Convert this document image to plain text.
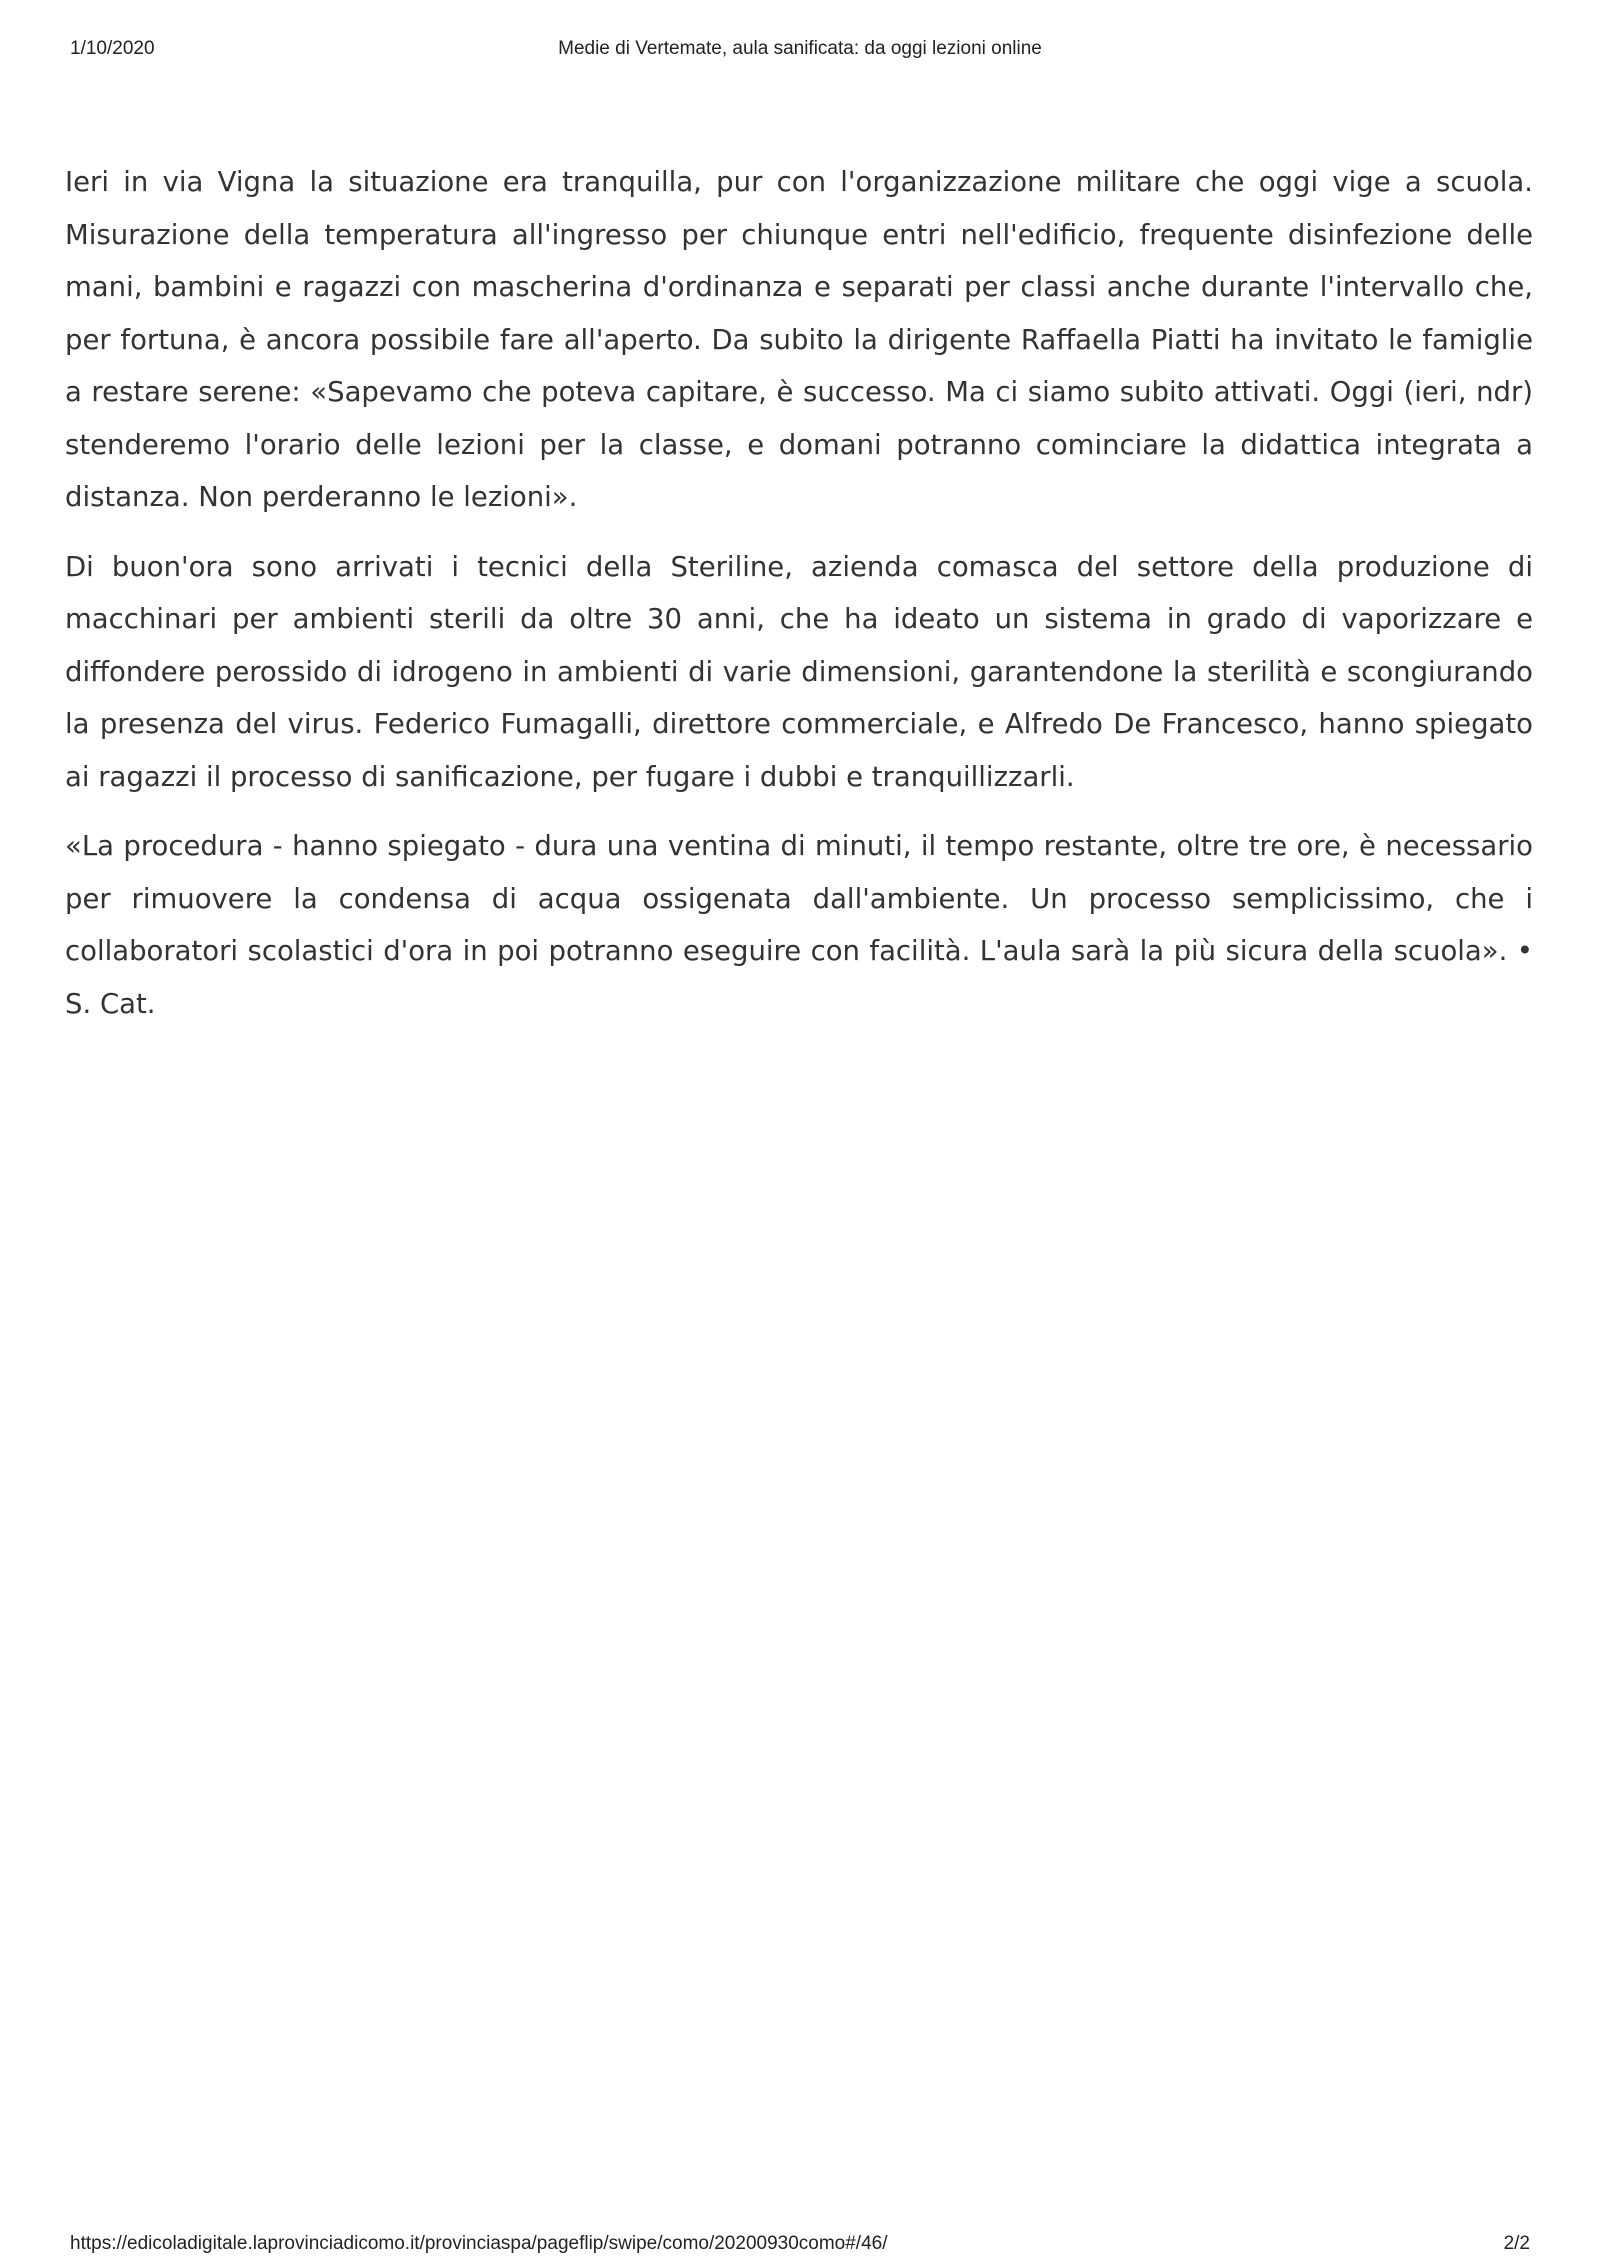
1/10/2020	Medie di Vertemate, aula sanificata: da oggi lezioni online

Ieri in via Vigna la situazione era tranquilla, pur con l'organizzazione militare che oggi vige a scuola. Misurazione della temperatura all'ingresso per chiunque entri nell'edificio, frequente disinfezione delle mani, bambini e ragazzi con mascherina d'ordinanza e separati per classi anche durante l'intervallo che, per fortuna, è ancora possibile fare all'aperto. Da subito la dirigente Raffaella Piatti ha invitato le famiglie a restare serene: «Sapevamo che poteva capitare, è successo. Ma ci siamo subito attivati. Oggi (ieri, ndr) stenderemo l'orario delle lezioni per la classe, e domani potranno cominciare la didattica integrata a distanza. Non perderanno le lezioni».

Di buon'ora sono arrivati i tecnici della Steriline, azienda comasca del settore della produzione di macchinari per ambienti sterili da oltre 30 anni, che ha ideato un sistema in grado di vaporizzare e diffondere perossido di idrogeno in ambienti di varie dimensioni, garantendone la sterilità e scongiurando la presenza del virus. Federico Fumagalli, direttore commerciale, e Alfredo De Francesco, hanno spiegato ai ragazzi il processo di sanificazione, per fugare i dubbi e tranquillizzarli.

«La procedura - hanno spiegato - dura una ventina di minuti, il tempo restante, oltre tre ore, è necessario per rimuovere la condensa di acqua ossigenata dall'ambiente. Un processo semplicissimo, che i collaboratori scolastici d'ora in poi potranno eseguire con facilità. L'aula sarà la più sicura della scuola». • S. Cat.

https://edicoladigitale.laprovinciadicomo.it/provinciaspa/pageflip/swipe/como/20200930como#/46/	2/2
